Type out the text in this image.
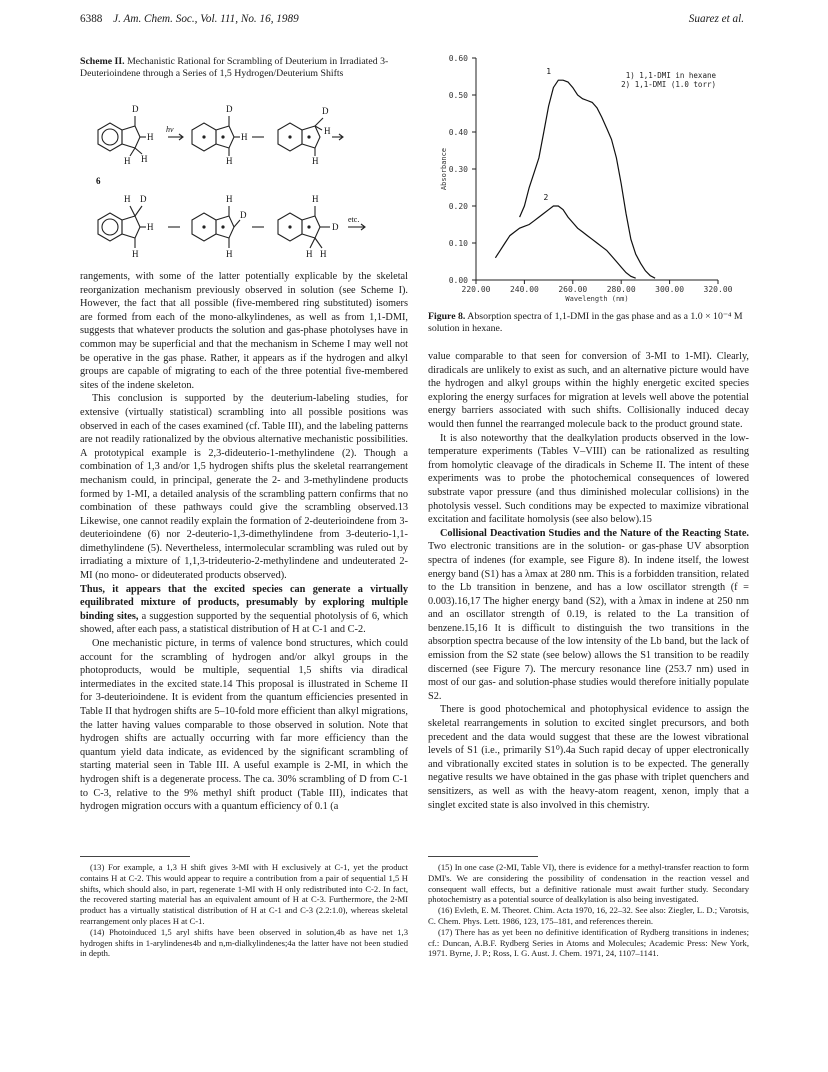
6388 J. Am. Chem. Soc., Vol. 111, No. 16, 1989	Suarez et al.
Scheme II. Mechanistic Rational for Scrambling of Deuterium in Irradiated 3-Deuterioindene through a Series of 1,5 Hydrogen/Deuterium Shifts
D
H
H H
hν
D
H
H
D
H
H
6
H D
H
H
H
D
H
H
D
H H
etc.

rangements, with some of the latter potentially explicable by the skeletal reorganization mechanism previously observed in solution (see Scheme I). However, the fact that all possible (five-membered ring substituted) isomers are formed from each of the mono-alkylindenes, as well as from 1,1-DMI, suggests that whatever products the solution and gas-phase photolyses have in common may be superficial and that the mechanism in Scheme I may well not be operative in the gas phase. Rather, it appears as if the hydrogen and alkyl groups are capable of migrating to each of the three potential five-membered sites of the indene skeleton.

This conclusion is supported by the deuterium-labeling studies, for extensive (virtually statistical) scrambling into all possible positions was observed in each of the cases examined (cf. Table III), and the labeling patterns are not readily rationalized by the obvious alternative mechanistic possibilities. A prototypical example is 2,3-dideuterio-1-methylindene (2). Though a combination of 1,3 and/or 1,5 hydrogen shifts plus the skeletal rearrangement mechanism could, in principal, generate the 2- and 3-methylindene products formed by 1-MI, a detailed analysis of the scrambling pattern confirms that no combination of these pathways could give the scrambling observed.13 Likewise, one cannot readily explain the formation of 2-deuterioindene from 3-deuterioindene (6) nor 2-deuterio-1,3-dimethylindene from 3-deuterio-1,1-dimethylindene (5). Nevertheless, intermolecular scrambling was ruled out by irradiating a mixture of 1,1,3-trideuterio-2-methylindene and undeuterated 2-MI (no mono- or dideuterated products observed).

Thus, it appears that the excited species can generate a virtually equilibrated mixture of products, presumably by exploring multiple binding sites, a suggestion supported by the sequential photolysis of 6, which showed, after each pass, a statistical distribution of H at C-1 and C-2.

One mechanistic picture, in terms of valence bond structures, which could account for the scrambling of hydrogen and/or alkyl groups in the photoproducts, would be multiple, sequential 1,5 shifts via diradical intermediates in the excited state.14 This proposal is illustrated in Scheme II for 3-deuterioindene. It is evident from the quantum efficiencies presented in Table II that hydrogen shifts are 5–10-fold more efficient than alkyl migrations, the latter having values comparable to those observed in solution. Note that hydrogen shifts are actually occurring with far more efficiency than the quantum yield data indicate, as evidenced by the significant scrambling of starting material seen in Table III. A useful example is 2-MI, in which the hydrogen shift is a degenerate process. The ca. 30% scrambling of D from C-1 to C-3, relative to the 9% methyl shift product (Table III), indicates that hydrogen migration occurs with a quantum efficiency of 0.1 (a

0.00
0.10
0.20
0.30
0.40
0.50
0.60
220.00 240.00 260.00 280.00 300.00 320.00
Wavelength (nm)
Absorbance
1
2
1) 1,1-DMI in hexane
2) 1,1-DMI (1.0 torr)
Figure 8. Absorption spectra of 1,1-DMI in the gas phase and as a 1.0 × 10⁻⁴ M solution in hexane.

value comparable to that seen for conversion of 3-MI to 1-MI). Clearly, diradicals are unlikely to exist as such, and an alternative picture would have the hydrogen and alkyl groups within the highly energetic excited species exploring the energy surfaces for migration at levels well above the potential energy barriers associated with such shifts. Collisionally induced decay would then funnel the rearranged molecule back to the product ground state.

It is also noteworthy that the dealkylation products observed in the low-temperature experiments (Tables V–VIII) can be rationalized as resulting from homolytic cleavage of the diradicals in Scheme II. The intent of these experiments was to probe the photochemical consequences of lowered substrate vapor pressure (and thus diminished molecular collisions) in the photolysis vessel. Such conditions may be expected to maximize vibrational excitation and facilitate homolysis (see also below).15

Collisional Deactivation Studies and the Nature of the Reacting State. Two electronic transitions are in the solution- or gas-phase UV absorption spectra of indenes (for example, see Figure 8). In indene itself, the lowest energy band (S1) has a λmax at 280 nm. This is a forbidden transition, related to the Lb transition in benzene, and has a low oscillator strength (f = 0.003).16,17 The higher energy band (S2), with a λmax in indene at 250 nm and an oscillator strength of 0.19, is related to the La transition of benzene.15,16 It is difficult to distinguish the two transitions in the absorption spectra because of the low intensity of the Lb band, but the lack of emission from the S2 state (see below) allows the S1 transition to be readily discerned (see Figure 7). The mercury resonance line (253.7 nm) used in most of our gas- and solution-phase studies would therefore initially populate S2.

There is good photochemical and photophysical evidence to assign the skeletal rearrangements in solution to excited singlet precursors, and both precedent and the data would suggest that these are the lowest vibrational levels of S1 (i.e., primarily S1⁰).4a Such rapid decay of upper electronically and vibrationally excited states in solution is to be expected. The generally negative results we have obtained in the gas phase with triplet quenchers and sensitizers, as well as with the heavy-atom reagent, xenon, imply that a singlet excited state is also involved in this chemistry.

(13) For example, a 1,3 H shift gives 3-MI with H exclusively at C-1, yet the product contains H at C-2. This would appear to require a contribution from a pair of sequential 1,5 H shifts, which should also, in part, regenerate 1-MI with H only redistributed into C-2. In fact, the recovered starting material has an equivalent amount of H at C-3. Furthermore, the 2-MI product has a virtually statistical distribution of H at C-1 and C-3 (2.2:1.0), whereas skeletal rearrangement only places H at C-1.

(14) Photoinduced 1,5 aryl shifts have been observed in solution,4b as have net 1,3 hydrogen shifts in 1-arylindenes4b and n,m-dialkylindenes;4a the latter have not been studied in depth.

(15) In one case (2-MI, Table VI), there is evidence for a methyl-transfer reaction to form DMI's. We are considering the possibility of condensation in the reaction vessel and consequent wall effects, but a definitive rationale must await further study. Secondary photochemistry as a potential source of dealkylation is also being investigated.

(16) Evleth, E. M. Theoret. Chim. Acta 1970, 16, 22–32. See also: Ziegler, L. D.; Varotsis, C. Chem. Phys. Lett. 1986, 123, 175–181, and references therein.

(17) There has as yet been no definitive identification of Rydberg transitions in indenes; cf.: Duncan, A.B.F. Rydberg Series in Atoms and Molecules; Academic Press: New York, 1971. Byrne, J. P.; Ross, I. G. Aust. J. Chem. 1971, 24, 1107–1141.
